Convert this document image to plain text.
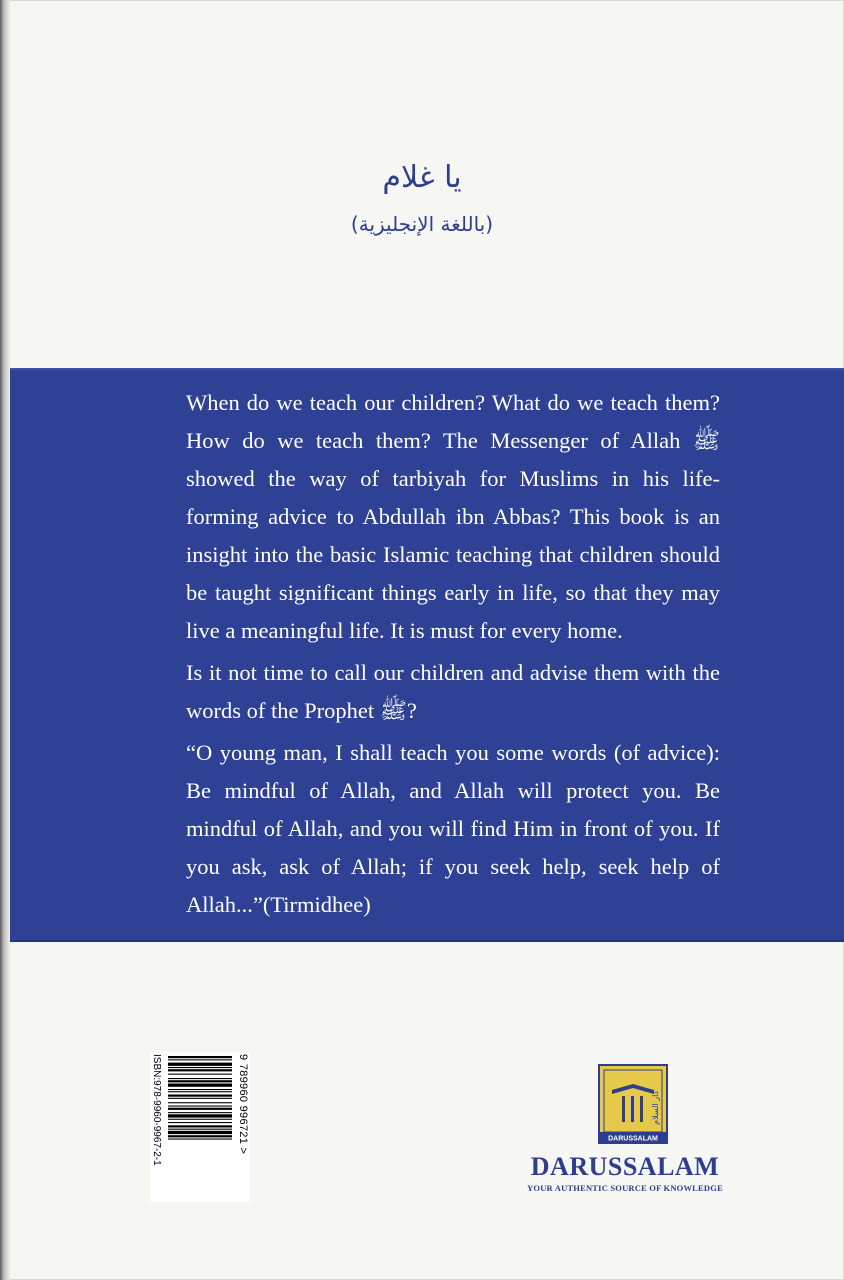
يا غلام
(باللغة الإنجليزية)

When do we teach our children? What do we teach them? How do we teach them? The Messenger of Allah ﷺ showed the way of tarbiyah for Muslims in his life-forming advice to Abdullah ibn Abbas? This book is an insight into the basic Islamic teaching that children should be taught significant things early in life, so that they may live a meaningful life. It is must for every home.

Is it not time to call our children and advise them with the words of the Prophet ﷺ?

“O young man, I shall teach you some words (of advice): Be mindful of Allah, and Allah will protect you. Be mindful of Allah, and you will find Him in front of you. If you ask, ask of Allah; if you seek help, seek help of Allah...”(Tirmidhee)

ISBN:978-9960-9967-2-1	9 789960 996721 >	دار السلام
DARUSSALAM
DARUSSALAM
YOUR AUTHENTIC SOURCE OF KNOWLEDGE
